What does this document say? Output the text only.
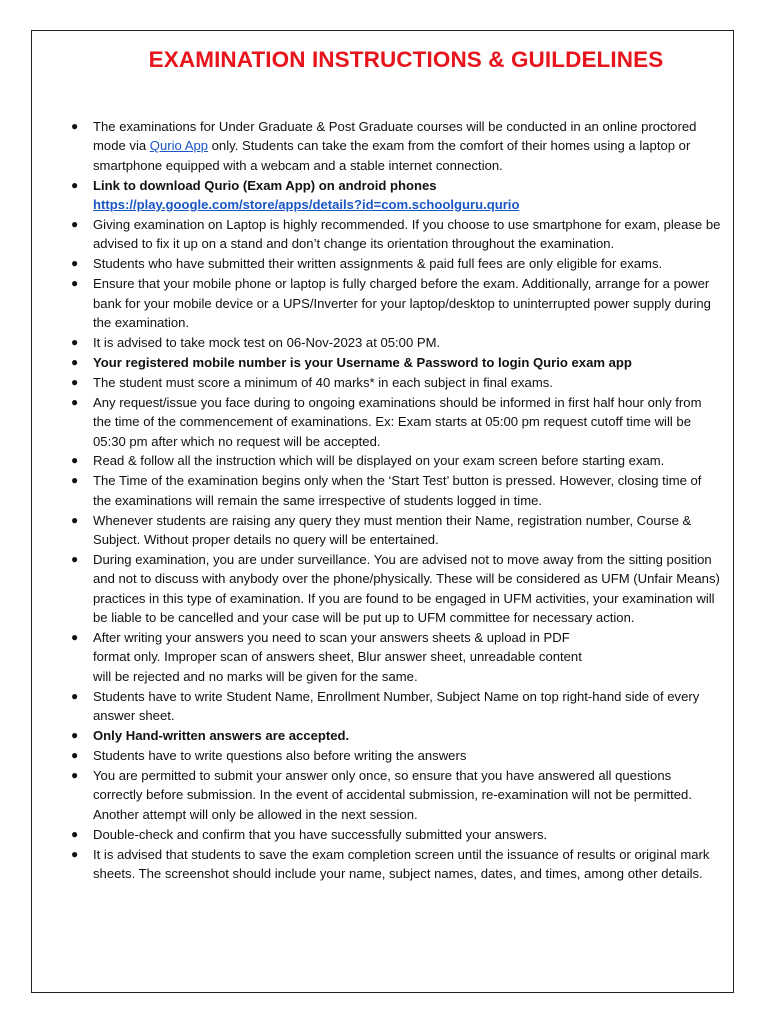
EXAMINATION INSTRUCTIONS & GUILDELINES
● The examinations for Under Graduate & Post Graduate courses will be conducted in an online proctored mode via Qurio App only. Students can take the exam from the comfort of their homes using a laptop or smartphone equipped with a webcam and a stable internet connection.
● Link to download Qurio (Exam App) on android phones
https://play.google.com/store/apps/details?id=com.schoolguru.qurio
● Giving examination on Laptop is highly recommended. If you choose to use smartphone for exam, please be advised to fix it up on a stand and don’t change its orientation throughout the examination.
● Students who have submitted their written assignments & paid full fees are only eligible for exams.
● Ensure that your mobile phone or laptop is fully charged before the exam. Additionally, arrange for a power bank for your mobile device or a UPS/Inverter for your laptop/desktop to uninterrupted power supply during the examination.
● It is advised to take mock test on 06-Nov-2023 at 05:00 PM.
● Your registered mobile number is your Username & Password to login Qurio exam app
● The student must score a minimum of 40 marks* in each subject in final exams.
● Any request/issue you face during to ongoing examinations should be informed in first half hour only from the time of the commencement of examinations. Ex: Exam starts at 05:00 pm request cutoff time will be 05:30 pm after which no request will be accepted.
● Read & follow all the instruction which will be displayed on your exam screen before starting exam.
● The Time of the examination begins only when the ‘Start Test’ button is pressed. However, closing time of the examinations will remain the same irrespective of students logged in time.
● Whenever students are raising any query they must mention their Name, registration number, Course & Subject. Without proper details no query will be entertained.
● During examination, you are under surveillance. You are advised not to move away from the sitting position and not to discuss with anybody over the phone/physically. These will be considered as UFM (Unfair Means) practices in this type of examination. If you are found to be engaged in UFM activities, your examination will be liable to be cancelled and your case will be put up to UFM committee for necessary action.
● After writing your answers you need to scan your answers sheets & upload in PDF
format only. Improper scan of answers sheet, Blur answer sheet, unreadable content
will be rejected and no marks will be given for the same.
● Students have to write Student Name, Enrollment Number, Subject Name on top right-hand side of every answer sheet.
● Only Hand-written answers are accepted.
● Students have to write questions also before writing the answers
● You are permitted to submit your answer only once, so ensure that you have answered all questions correctly before submission. In the event of accidental submission, re-examination will not be permitted. Another attempt will only be allowed in the next session.
● Double-check and confirm that you have successfully submitted your answers.
● It is advised that students to save the exam completion screen until the issuance of results or original mark sheets. The screenshot should include your name, subject names, dates, and times, among other details.
